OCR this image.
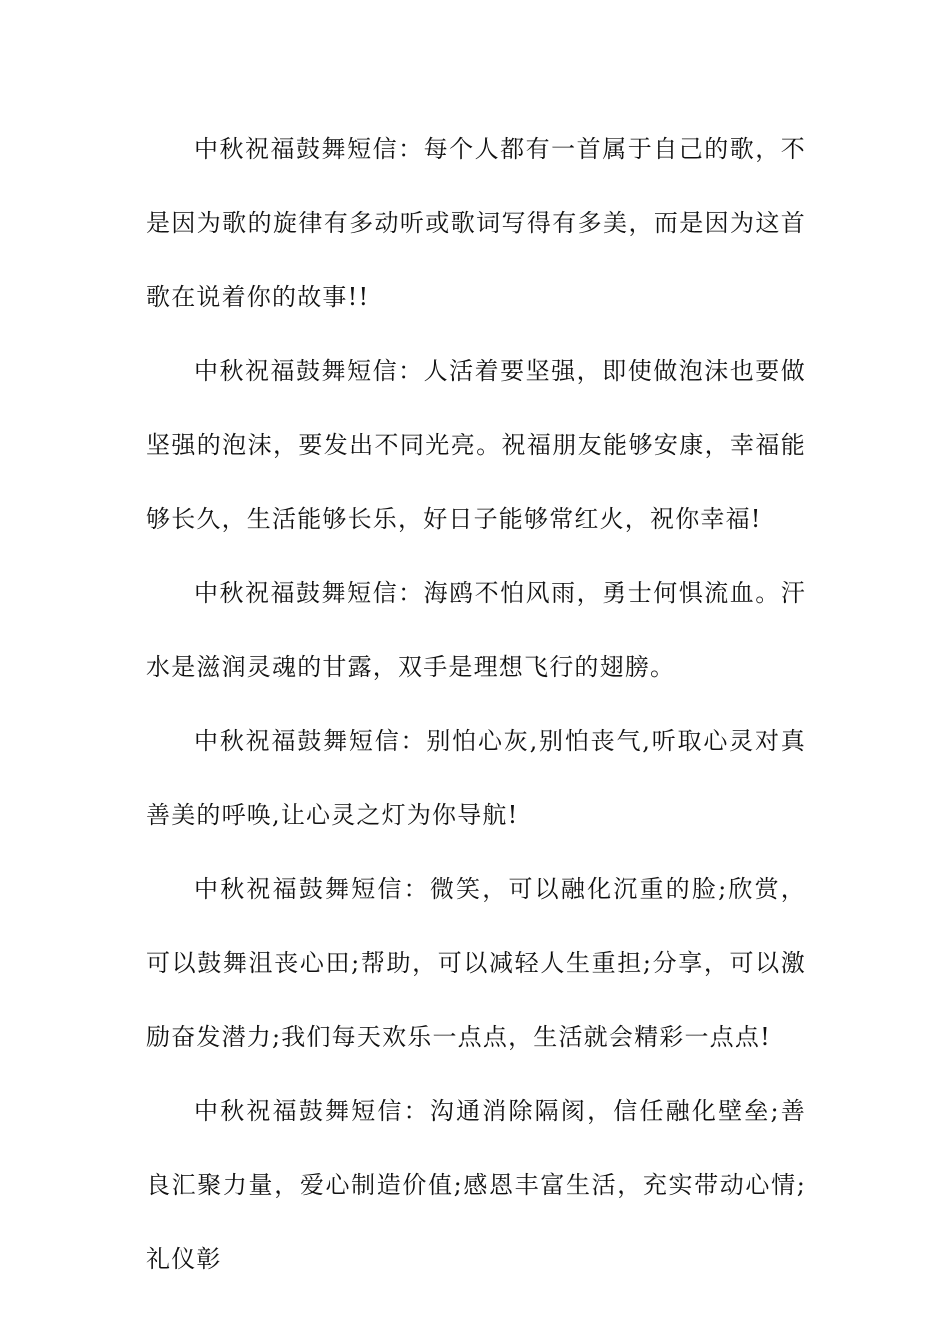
中秋祝福鼓舞短信：每个人都有一首属于自己的歌，不是因为歌的旋律有多动听或歌词写得有多美，而是因为这首歌在说着你的故事!!

中秋祝福鼓舞短信：人活着要坚强，即使做泡沫也要做坚强的泡沫，要发出不同光亮。祝福朋友能够安康，幸福能够长久，生活能够长乐，好日子能够常红火，祝你幸福!

中秋祝福鼓舞短信：海鸥不怕风雨，勇士何惧流血。汗水是滋润灵魂的甘露，双手是理想飞行的翅膀。

中秋祝福鼓舞短信：别怕心灰,别怕丧气,听取心灵对真善美的呼唤,让心灵之灯为你导航!

中秋祝福鼓舞短信：微笑，可以融化沉重的脸;欣赏，可以鼓舞沮丧心田;帮助，可以减轻人生重担;分享，可以激励奋发潜力;我们每天欢乐一点点，生活就会精彩一点点!

中秋祝福鼓舞短信：沟通消除隔阂，信任融化壁垒;善良汇聚力量，爱心制造价值;感恩丰富生活，充实带动心情;礼仪彰
